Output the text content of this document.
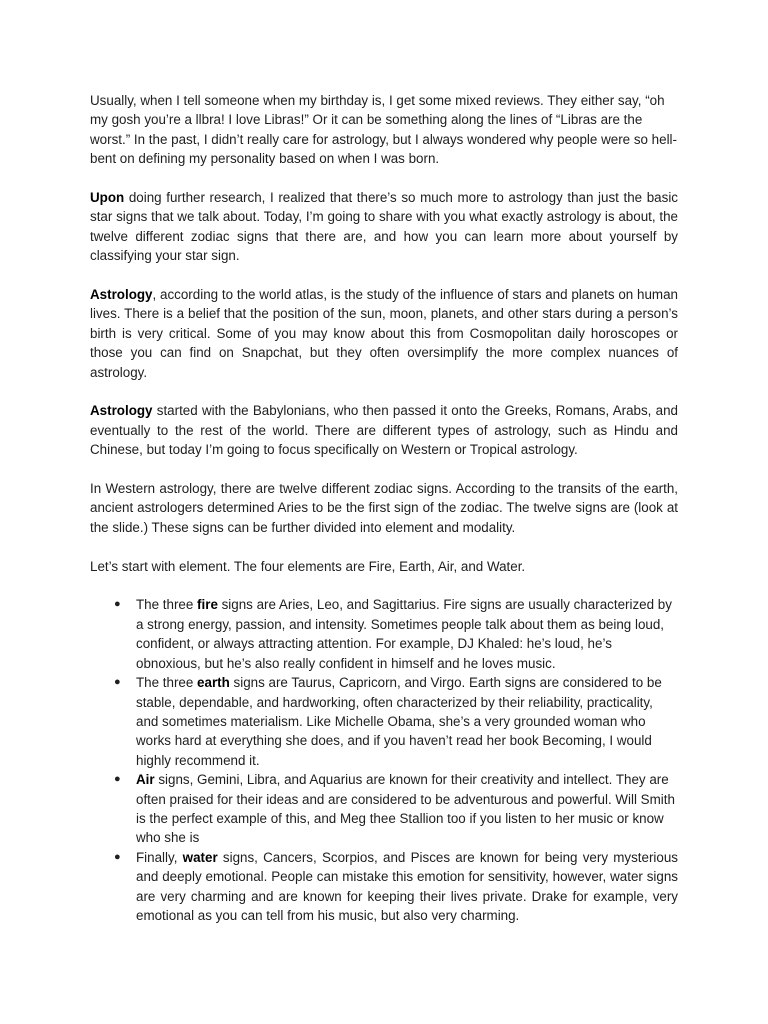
Usually, when I tell someone when my birthday is, I get some mixed reviews. They either say, “oh my gosh you’re a llbra! I love Libras!” Or it can be something along the lines of “Libras are the worst.” In the past, I didn’t really care for astrology, but I always wondered why people were so hell-bent on defining my personality based on when I was born.

Upon doing further research, I realized that there’s so much more to astrology than just the basic star signs that we talk about. Today, I’m going to share with you what exactly astrology is about, the twelve different zodiac signs that there are, and how you can learn more about yourself by classifying your star sign.

Astrology, according to the world atlas, is the study of the influence of stars and planets on human lives. There is a belief that the position of the sun, moon, planets, and other stars during a person’s birth is very critical. Some of you may know about this from Cosmopolitan daily horoscopes or those you can find on Snapchat, but they often oversimplify the more complex nuances of astrology.

Astrology started with the Babylonians, who then passed it onto the Greeks, Romans, Arabs, and eventually to the rest of the world. There are different types of astrology, such as Hindu and Chinese, but today I’m going to focus specifically on Western or Tropical astrology.

In Western astrology, there are twelve different zodiac signs. According to the transits of the earth, ancient astrologers determined Aries to be the first sign of the zodiac. The twelve signs are (look at the slide.) These signs can be further divided into element and modality.

Let’s start with element. The four elements are Fire, Earth, Air, and Water.

● The three fire signs are Aries, Leo, and Sagittarius. Fire signs are usually characterized by a strong energy, passion, and intensity. Sometimes people talk about them as being loud, confident, or always attracting attention. For example, DJ Khaled: he’s loud, he’s obnoxious, but he’s also really confident in himself and he loves music.
● The three earth signs are Taurus, Capricorn, and Virgo. Earth signs are considered to be stable, dependable, and hardworking, often characterized by their reliability, practicality, and sometimes materialism. Like Michelle Obama, she’s a very grounded woman who works hard at everything she does, and if you haven’t read her book Becoming, I would highly recommend it.
● Air signs, Gemini, Libra, and Aquarius are known for their creativity and intellect. They are often praised for their ideas and are considered to be adventurous and powerful. Will Smith is the perfect example of this, and Meg thee Stallion too if you listen to her music or know who she is
● Finally, water signs, Cancers, Scorpios, and Pisces are known for being very mysterious and deeply emotional. People can mistake this emotion for sensitivity, however, water signs are very charming and are known for keeping their lives private. Drake for example, very emotional as you can tell from his music, but also very charming.
